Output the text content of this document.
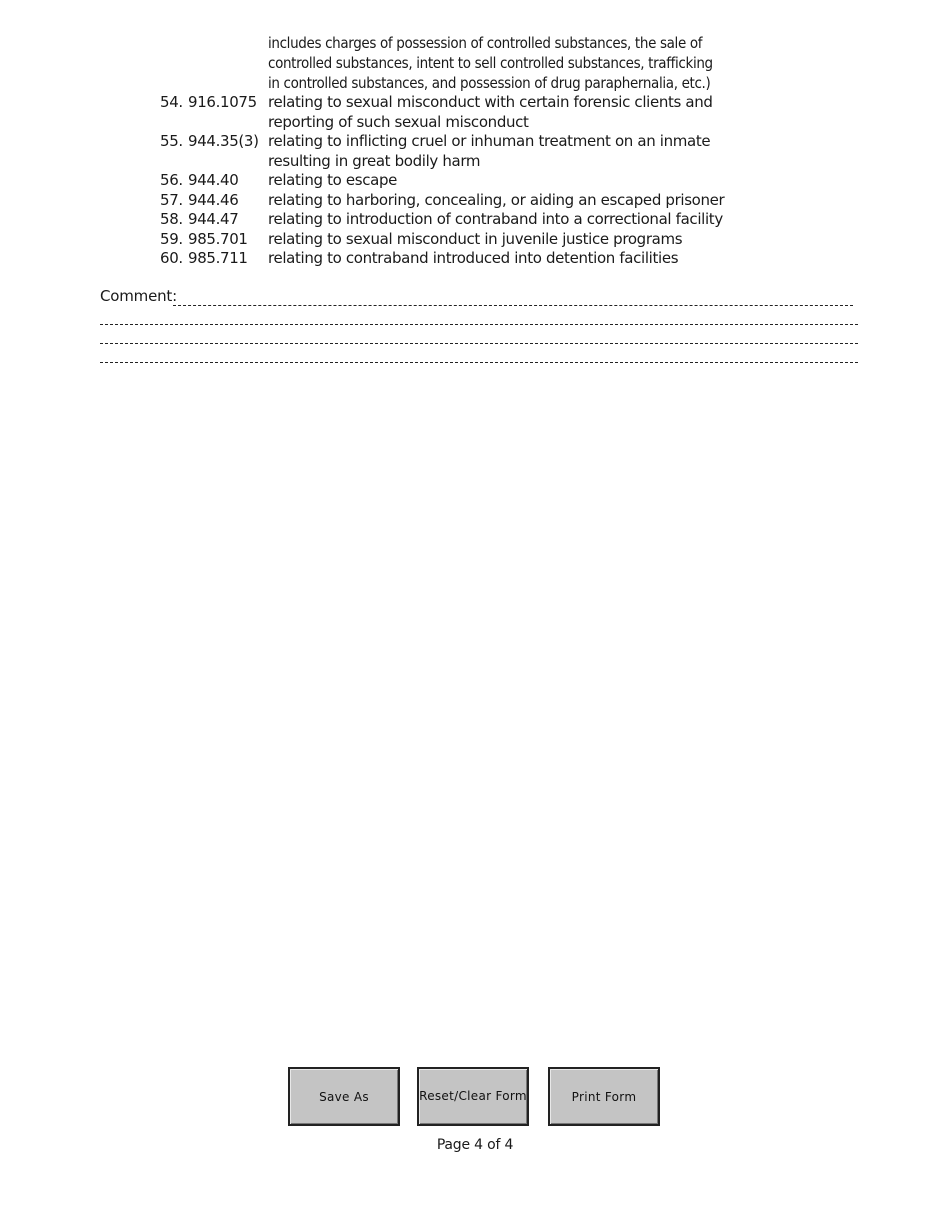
includes charges of possession of controlled substances, the sale of
controlled substances, intent to sell controlled substances, trafficking
in controlled substances, and possession of drug paraphernalia, etc.)
54. 916.1075 relating to sexual misconduct with certain forensic clients and
reporting of such sexual misconduct
55. 944.35(3) relating to inflicting cruel or inhuman treatment on an inmate
resulting in great bodily harm
56. 944.40	relating to escape
57. 944.46	relating to harboring, concealing, or aiding an escaped prisoner
58. 944.47	relating to introduction of contraband into a correctional facility
59. 985.701	relating to sexual misconduct in juvenile justice programs
60. 985.711	relating to contraband introduced into detention facilities
Comment:
Save As	Reset/Clear Form	Print Form
Page 4 of 4
